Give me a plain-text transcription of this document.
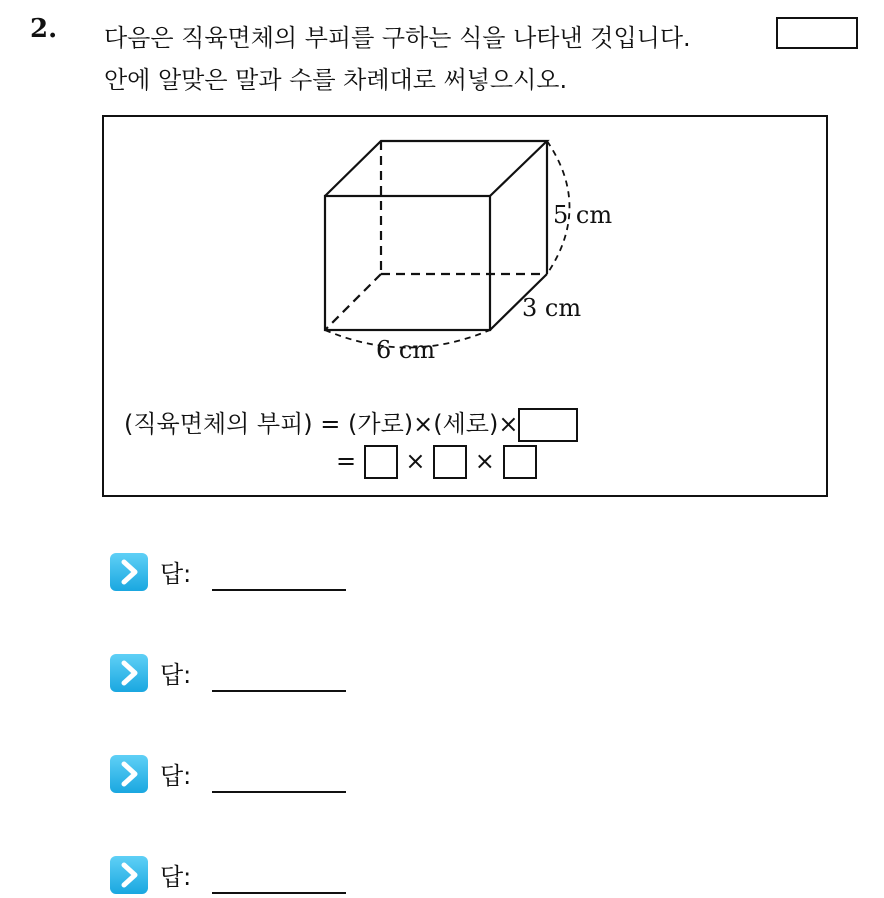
2. 다음은 직육면체의 부피를 구하는 식을 나타낸 것입니다.
안에 알맞은 말과 수를 차례대로 써넣으시오.
5 cm
3 cm
6 cm
(직육면체의 부피) = (가로)×(세로)×
= × ×
답:
답:
답:
답:
